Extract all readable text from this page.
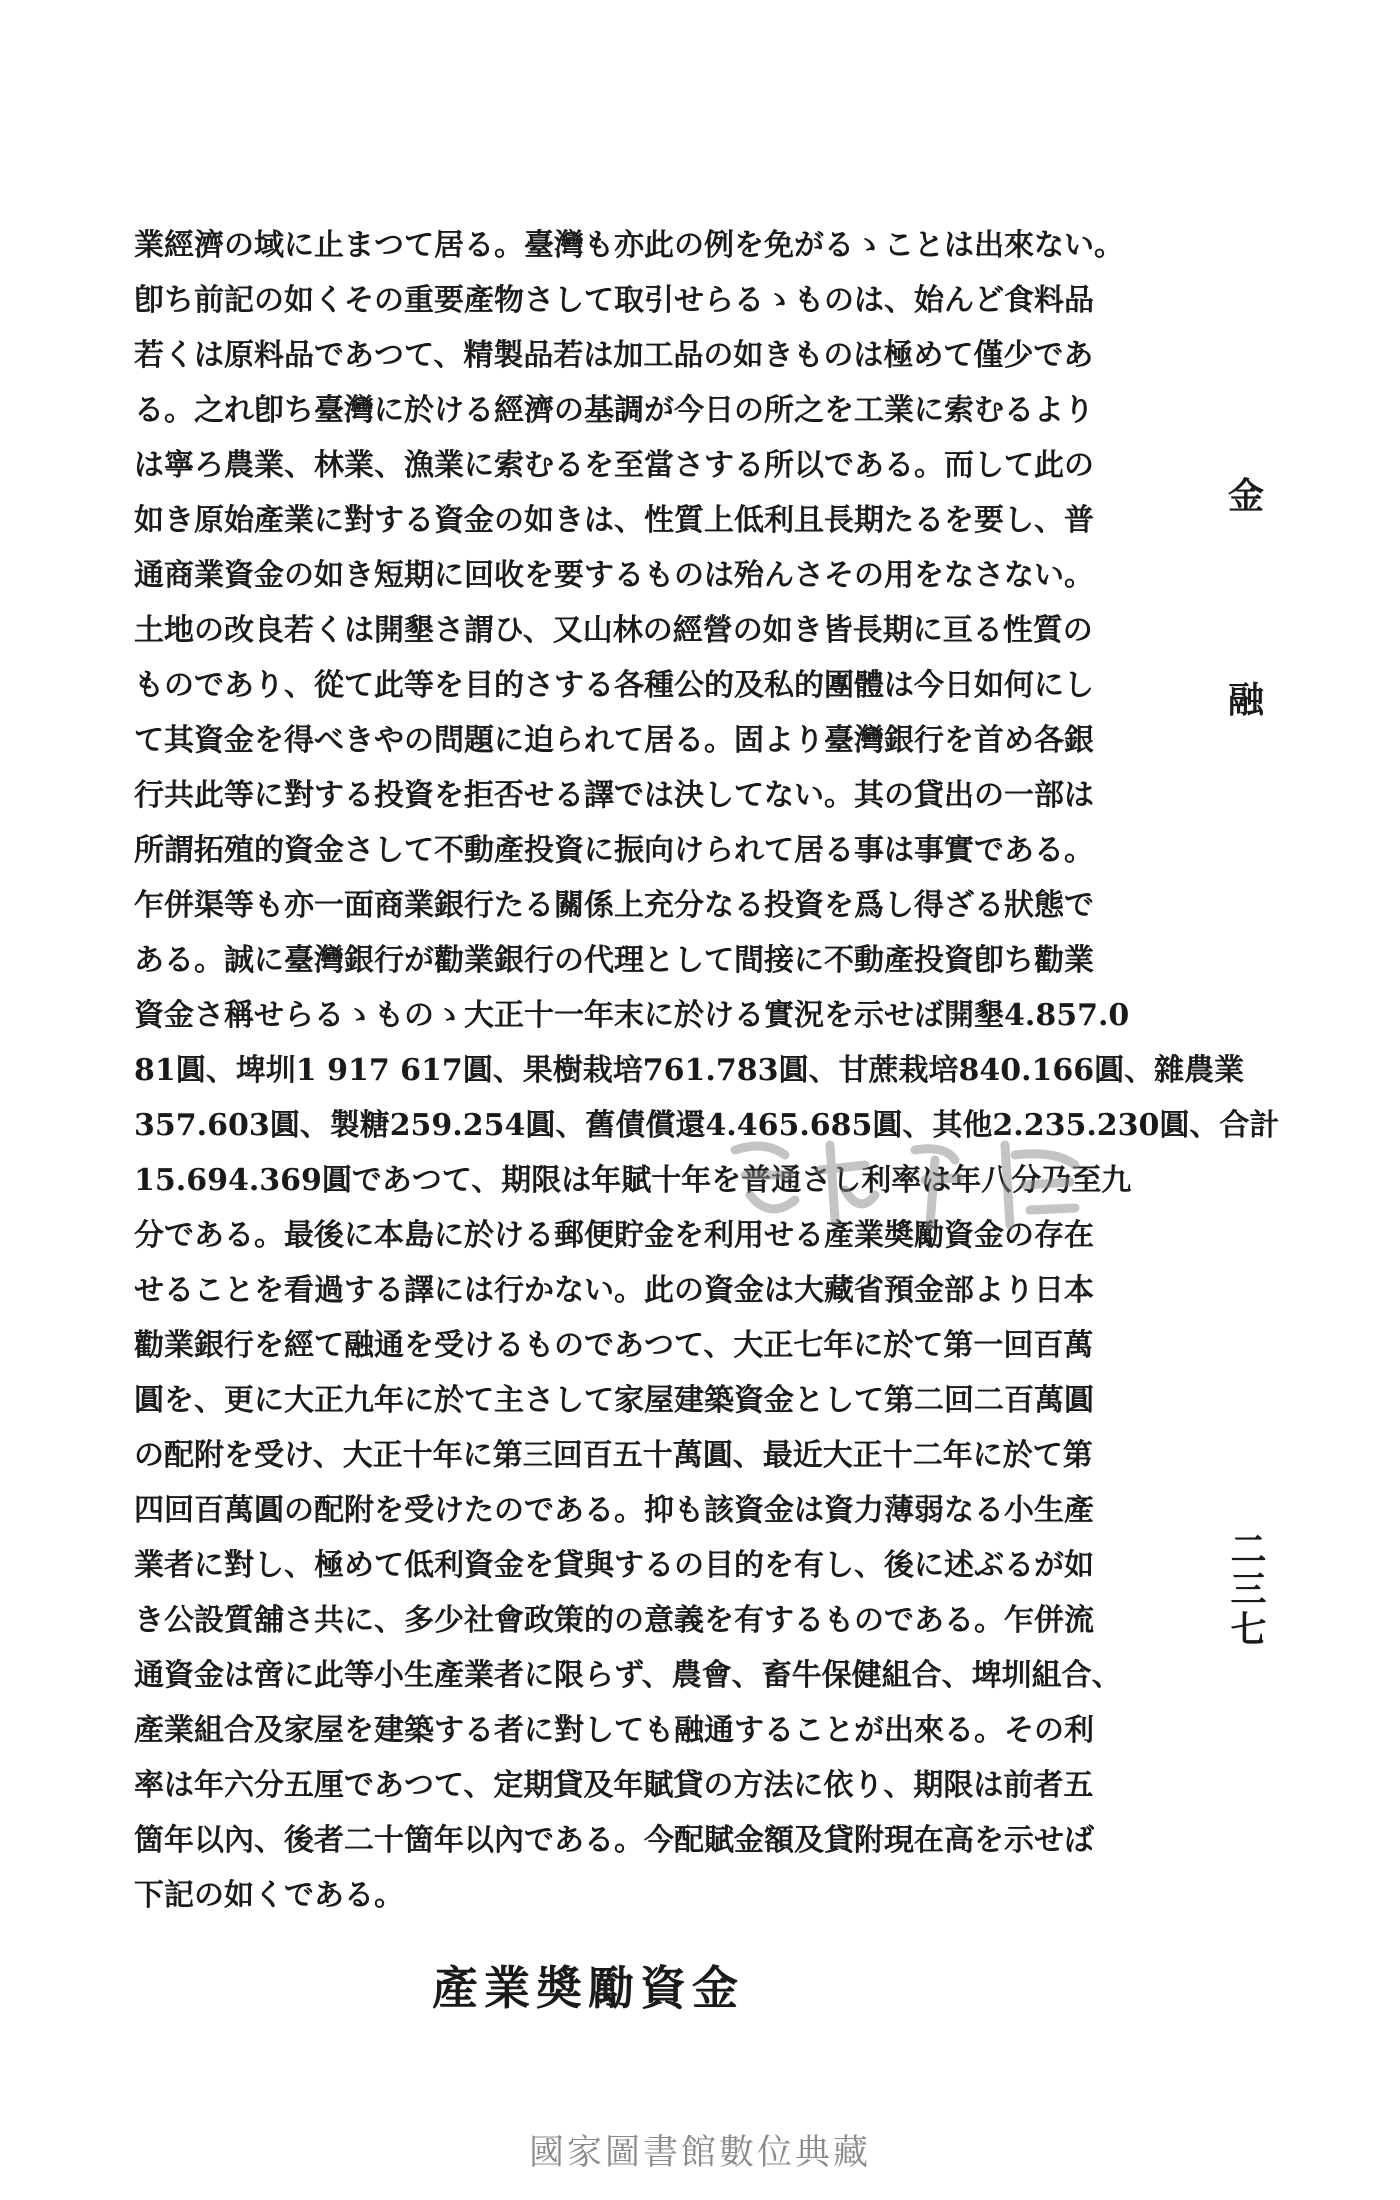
業經濟の域に止まつて居る。臺灣も亦此の例を免がるゝことは出來ない。
卽ち前記の如くその重要產物さして取引せらるゝものは、始んど食料品
若くは原料品であつて、精製品若は加工品の如きものは極めて僅少であ
る。之れ卽ち臺灣に於ける經濟の基調が今日の所之を工業に索むるより
は寧ろ農業、林業、漁業に索むるを至當さする所以である。而して此の
如き原始產業に對する資金の如きは、性質上低利且長期たるを要し、普
通商業資金の如き短期に回收を要するものは殆んさその用をなさない。
土地の改良若くは開墾さ謂ひ、又山林の經營の如き皆長期に亘る性質の
ものであり、從て此等を目的さする各種公的及私的團體は今日如何にし
て其資金を得べきやの問題に迫られて居る。固より臺灣銀行を首め各銀
行共此等に對する投資を拒否せる譯では決してない。其の貸出の一部は
所謂拓殖的資金さして不動產投資に振向けられて居る事は事實である。
乍併渠等も亦一面商業銀行たる關係上充分なる投資を爲し得ざる狀態で
ある。誠に臺灣銀行が勸業銀行の代理として間接に不動產投資卽ち勸業
資金さ稱せらるゝものゝ大正十一年末に於ける實況を示せば開墾4.857.0
81圓、埤圳1 917 617圓、果樹栽培761.783圓、甘蔗栽培840.166圓、雜農業
357.603圓、製糖259.254圓、舊債償還4.465.685圓、其他2.235.230圓、合計
15.694.369圓であつて、期限は年賦十年を普通さし利率は年八分乃至九
分である。最後に本島に於ける郵便貯金を利用せる產業奬勵資金の存在
せることを看過する譯には行かない。此の資金は大藏省預金部より日本
勸業銀行を經て融通を受けるものであつて、大正七年に於て第一回百萬
圓を、更に大正九年に於て主さして家屋建築資金として第二回二百萬圓
の配附を受け、大正十年に第三回百五十萬圓、最近大正十二年に於て第
四回百萬圓の配附を受けたのである。抑も該資金は資力薄弱なる小生產
業者に對し、極めて低利資金を貸與するの目的を有し、後に述ぶるが如
き公設質舖さ共に、多少社會政策的の意義を有するものである。乍併流
通資金は啻に此等小生產業者に限らず、農會、畜牛保健組合、埤圳組合、
產業組合及家屋を建築する者に對しても融通することが出來る。その利
率は年六分五厘であつて、定期貸及年賦貸の方法に依り、期限は前者五
箇年以內、後者二十箇年以內である。今配賦金額及貸附現在高を示せば
下記の如くである。
金
融
二三七
產業奬勵資金
國家圖書館數位典藏
